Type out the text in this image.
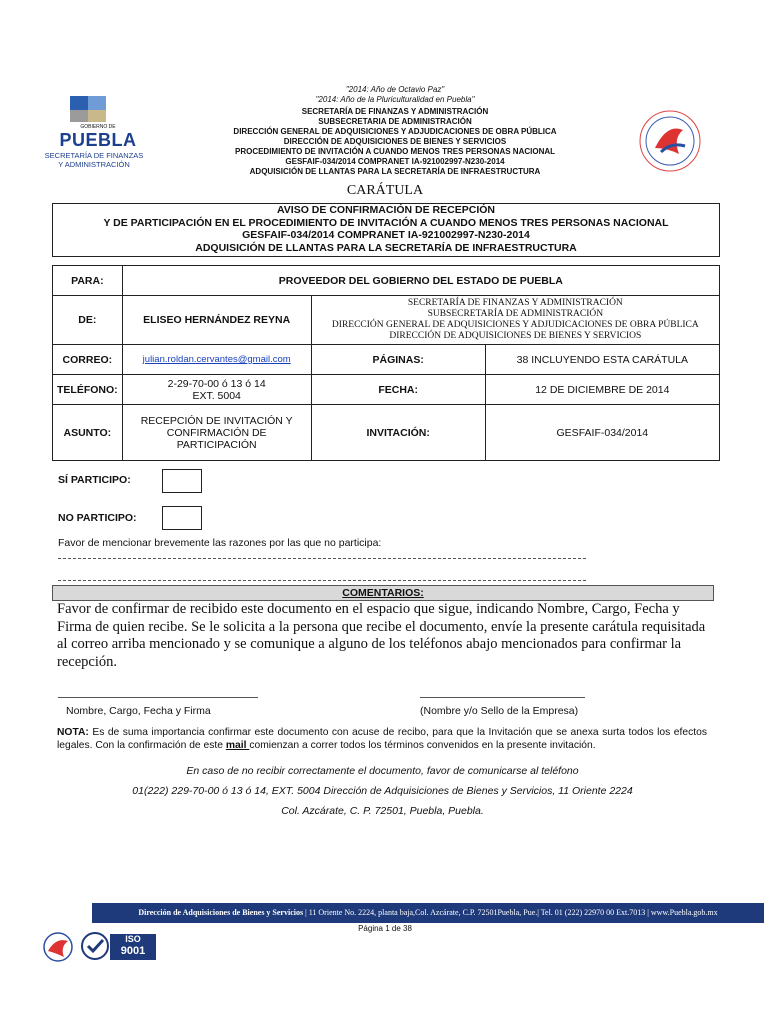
GOBIERNO DE
PUEBLA
SECRETARÍA DE FINANZAS
Y ADMINISTRACIÓN
"2014: Año de Octavio Paz"
"2014: Año de la Pluriculturalidad en Puebla"
SECRETARÍA DE FINANZAS Y ADMINISTRACIÓN
SUBSECRETARIA DE ADMINISTRACIÓN
DIRECCIÓN GENERAL DE ADQUISICIONES Y ADJUDICACIONES DE OBRA PÚBLICA
DIRECCIÓN DE ADQUISICIONES DE BIENES Y SERVICIOS
PROCEDIMIENTO DE INVITACIÓN A CUANDO MENOS TRES PERSONAS NACIONAL
GESFAIF-034/2014 COMPRANET IA-921002997-N230-2014
ADQUISICIÓN DE LLANTAS PARA LA SECRETARÍA DE INFRAESTRUCTURA
CARÁTULA
AVISO DE CONFIRMACIÓN DE RECEPCIÓN
Y DE PARTICIPACIÓN EN EL PROCEDIMIENTO DE INVITACIÓN A CUANDO MENOS TRES PERSONAS NACIONAL
GESFAIF-034/2014 COMPRANET IA-921002997-N230-2014
ADQUISICIÓN DE LLANTAS PARA LA SECRETARÍA DE INFRAESTRUCTURA
PARA:	PROVEEDOR DEL GOBIERNO DEL ESTADO DE PUEBLA		
DE:	ELISEO HERNÁNDEZ REYNA	SECRETARÍA DE FINANZAS Y ADMINISTRACIÓN
SUBSECRETARÍA DE ADMINISTRACIÓN
DIRECCIÓN GENERAL DE ADQUISICIONES Y ADJUDICACIONES DE OBRA PÚBLICA
DIRECCIÓN DE ADQUISICIONES DE BIENES Y SERVICIOS	

CORREO:	julian.roldan.cervantes@gmail.com	PÁGINAS:	38 INCLUYENDO ESTA CARÁTULA
TELÉFONO:	2-29-70-00 ó 13 ó 14
EXT. 5004	FECHA:	12 DE DICIEMBRE DE 2014
ASUNTO:	RECEPCIÓN DE INVITACIÓN Y
CONFIRMACIÓN DE
PARTICIPACIÓN	INVITACIÓN:	GESFAIF-034/2014
SÍ PARTICIPO:
NO PARTICIPO:
Favor de mencionar brevemente las razones por las que no participa:
COMENTARIOS:
Favor de confirmar de recibido este documento en el espacio que sigue, indicando Nombre, Cargo, Fecha y Firma de quien recibe. Se le solicita a la persona que recibe el documento, envíe la presente carátula requisitada al correo arriba mencionado y se comunique a alguno de los teléfonos abajo mencionados para confirmar la recepción.
Nombre, Cargo, Fecha y Firma	(Nombre y/o Sello de la Empresa)
NOTA: Es de suma importancia confirmar este documento con acuse de recibo, para que la Invitación que se anexa surta todos los efectos legales. Con la confirmación de este mail comienzan a correr todos los términos convenidos en la presente invitación.
En caso de no recibir correctamente el documento, favor de comunicarse al teléfono
01(222) 229-70-00 ó 13 ó 14, EXT. 5004 Dirección de Adquisiciones de Bienes y Servicios, 11 Oriente 2224
Col. Azcárate, C. P. 72501, Puebla, Puebla.
Dirección de Adquisiciones de Bienes y Servicios | 11 Oriente No. 2224, planta baja,Col. Azcárate, C.P. 72501Puebla, Pue.| Tel. 01 (222) 22970 00 Ext.7013 | www.Puebla.gob.mx
Página 1 de 38
ISO
9001
